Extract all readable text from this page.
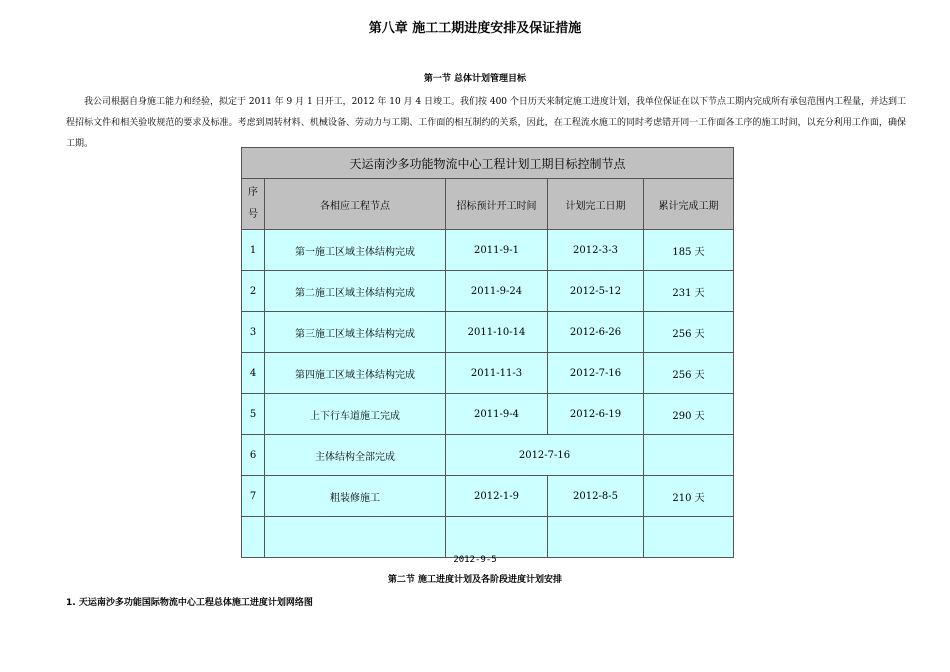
第八章 施工工期进度安排及保证措施
第一节 总体计划管理目标

我公司根据自身施工能力和经验，拟定于 2011 年 9 月 1 日开工，2012 年 10 月 4 日竣工。我们按 400 个日历天来制定施工进度计划，我单位保证在以下节点工期内完成所有承包范围内工程量，并达到工程招标文件和相关验收规范的要求及标准。考虑到周转材料、机械设备、劳动力与工期、工作面的相互制约的关系，因此，在工程流水施工的同时考虑错开同一工作面各工序的施工时间，以充分利用工作面，确保工期。

天运南沙多功能物流中心工程计划工期目标控制节点				
序
号	各相应工程节点	招标预计开工时间	计划完工日期	累计完成工期
1	第一施工区域主体结构完成	2011-9-1	2012-3-3	185 天
2	第二施工区域主体结构完成	2011-9-24	2012-5-12	231 天
3	第三施工区域主体结构完成	2011-10-14	2012-6-26	256 天
4	第四施工区域主体结构完成	2011-11-3	2012-7-16	256 天
5	上下行车道施工完成	2011-9-4	2012-6-19	290 天
6	主体结构全部完成	2012-7-16		
7	粗装修施工	2012-1-9	2012-8-5	210 天

2012-9-5
第二节 施工进度计划及各阶段进度计划安排
1. 天运南沙多功能国际物流中心工程总体施工进度计划网络图
